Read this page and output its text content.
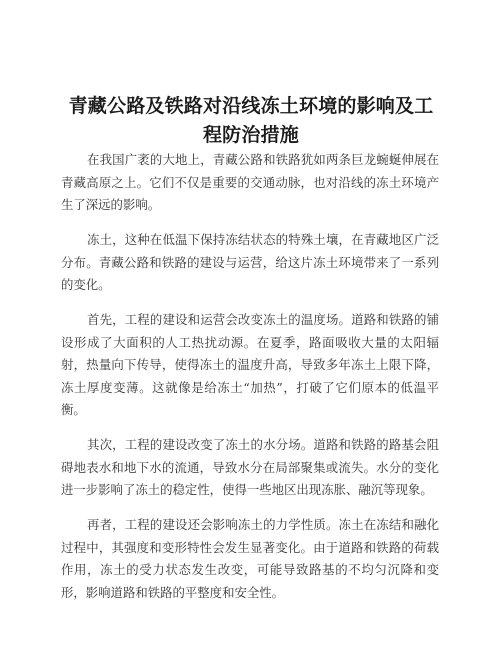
青藏公路及铁路对沿线冻土环境的影响及工程防治措施

在我国广袤的大地上，青藏公路和铁路犹如两条巨龙蜿蜒伸展在青藏高原之上。它们不仅是重要的交通动脉，也对沿线的冻土环境产生了深远的影响。

冻土，这种在低温下保持冻结状态的特殊土壤，在青藏地区广泛分布。青藏公路和铁路的建设与运营，给这片冻土环境带来了一系列的变化。

首先，工程的建设和运营会改变冻土的温度场。道路和铁路的铺设形成了大面积的人工热扰动源。在夏季，路面吸收大量的太阳辐射，热量向下传导，使得冻土的温度升高，导致多年冻土上限下降，冻土厚度变薄。这就像是给冻土“加热”，打破了它们原本的低温平衡。

其次，工程的建设改变了冻土的水分场。道路和铁路的路基会阻碍地表水和地下水的流通，导致水分在局部聚集或流失。水分的变化进一步影响了冻土的稳定性，使得一些地区出现冻胀、融沉等现象。

再者，工程的建设还会影响冻土的力学性质。冻土在冻结和融化过程中，其强度和变形特性会发生显著变化。由于道路和铁路的荷载作用，冻土的受力状态发生改变，可能导致路基的不均匀沉降和变形，影响道路和铁路的平整度和安全性。
